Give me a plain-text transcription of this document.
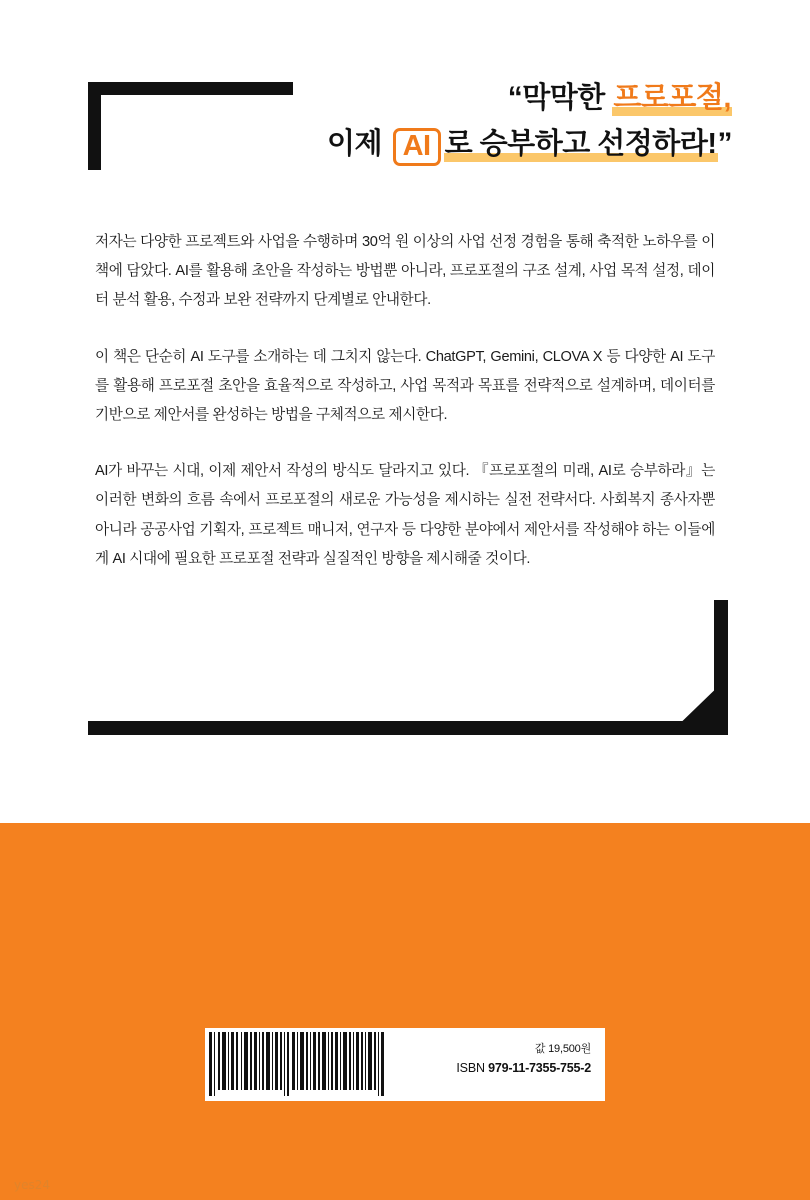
“막막한 프로포절,
이제 AI 로 승부하고 선정하라!”

저자는 다양한 프로젝트와 사업을 수행하며 30억 원 이상의 사업 선정 경험을 통해 축적한 노하우를 이 책에 담았다. AI를 활용해 초안을 작성하는 방법뿐 아니라, 프로포절의 구조 설계, 사업 목적 설정, 데이터 분석 활용, 수정과 보완 전략까지 단계별로 안내한다.

이 책은 단순히 AI 도구를 소개하는 데 그치지 않는다. ChatGPT, Gemini, CLOVA X 등 다양한 AI 도구를 활용해 프로포절 초안을 효율적으로 작성하고, 사업 목적과 목표를 전략적으로 설계하며, 데이터를 기반으로 제안서를 완성하는 방법을 구체적으로 제시한다.

AI가 바꾸는 시대, 이제 제안서 작성의 방식도 달라지고 있다. 『프로포절의 미래, AI로 승부하라』는 이러한 변화의 흐름 속에서 프로포절의 새로운 가능성을 제시하는 실전 전략서다. 사회복지 종사자뿐 아니라 공공사업 기획자, 프로젝트 매니저, 연구자 등 다양한 분야에서 제안서를 작성해야 하는 이들에게 AI 시대에 필요한 프로포절 전략과 실질적인 방향을 제시해줄 것이다.

값 19,500원
ISBN 979-11-7355-755-2
yes24
